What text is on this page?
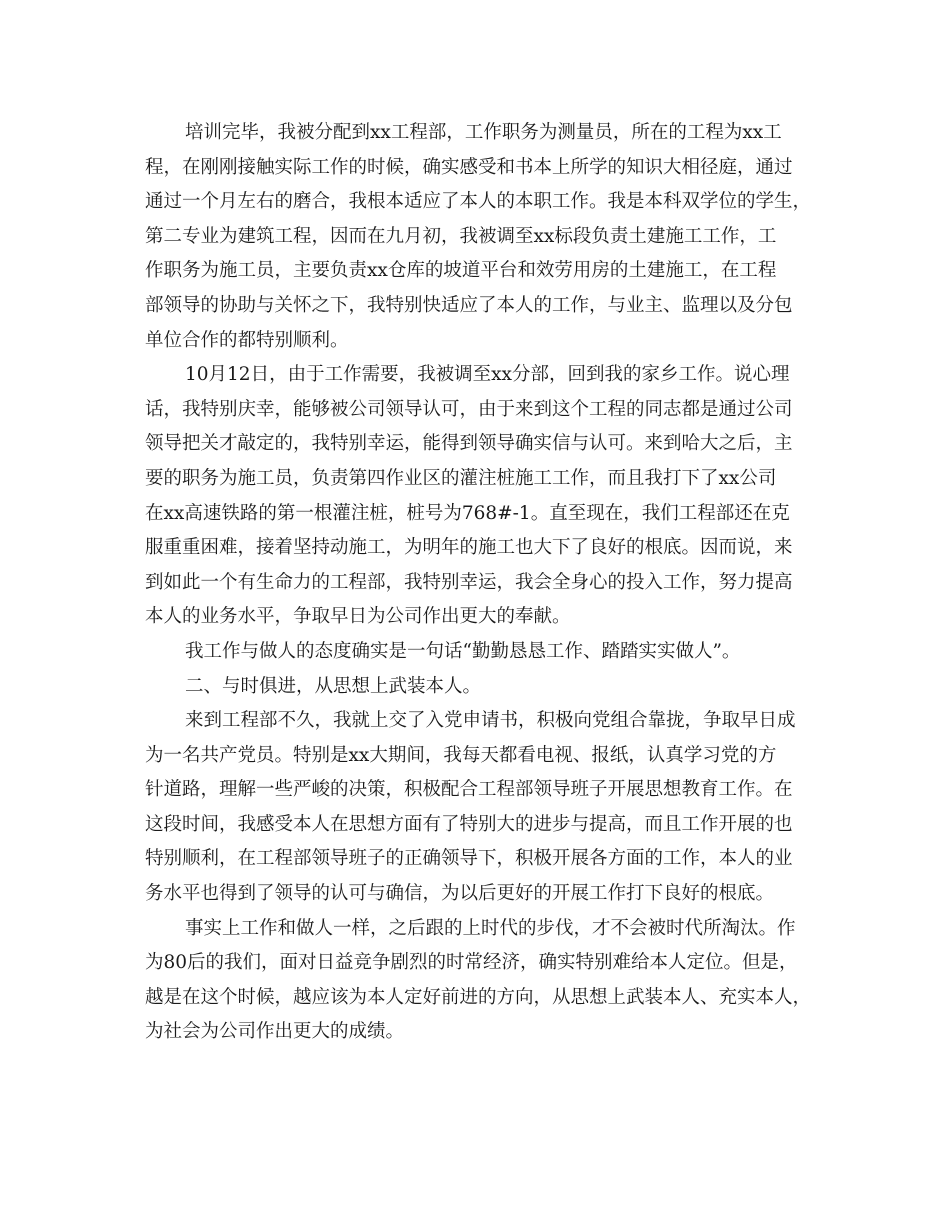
培训完毕，我被分配到xx工程部，工作职务为测量员，所在的工程为xx工
程，在刚刚接触实际工作的时候，确实感受和书本上所学的知识大相径庭，通过
通过一个月左右的磨合，我根本适应了本人的本职工作。我是本科双学位的学生，
第二专业为建筑工程，因而在九月初，我被调至xx标段负责土建施工工作，工
作职务为施工员，主要负责xx仓库的坡道平台和效劳用房的土建施工，在工程
部领导的协助与关怀之下，我特别快适应了本人的工作，与业主、监理以及分包
单位合作的都特别顺利。
10月12日，由于工作需要，我被调至xx分部，回到我的家乡工作。说心理
话，我特别庆幸，能够被公司领导认可，由于来到这个工程的同志都是通过公司
领导把关才敲定的，我特别幸运，能得到领导确实信与认可。来到哈大之后，主
要的职务为施工员，负责第四作业区的灌注桩施工工作，而且我打下了xx公司
在xx高速铁路的第一根灌注桩，桩号为768#-1。直至现在，我们工程部还在克
服重重困难，接着坚持动施工，为明年的施工也大下了良好的根底。因而说，来
到如此一个有生命力的工程部，我特别幸运，我会全身心的投入工作，努力提高
本人的业务水平，争取早日为公司作出更大的奉献。
我工作与做人的态度确实是一句话“勤勤恳恳工作、踏踏实实做人”。
二、与时俱进，从思想上武装本人。
来到工程部不久，我就上交了入党申请书，积极向党组合靠拢，争取早日成
为一名共产党员。特别是xx大期间，我每天都看电视、报纸，认真学习党的方
针道路，理解一些严峻的决策，积极配合工程部领导班子开展思想教育工作。在
这段时间，我感受本人在思想方面有了特别大的进步与提高，而且工作开展的也
特别顺利，在工程部领导班子的正确领导下，积极开展各方面的工作，本人的业
务水平也得到了领导的认可与确信，为以后更好的开展工作打下良好的根底。
事实上工作和做人一样，之后跟的上时代的步伐，才不会被时代所淘汰。作
为80后的我们，面对日益竞争剧烈的时常经济，确实特别难给本人定位。但是，
越是在这个时候，越应该为本人定好前进的方向，从思想上武装本人、充实本人，
为社会为公司作出更大的成绩。
